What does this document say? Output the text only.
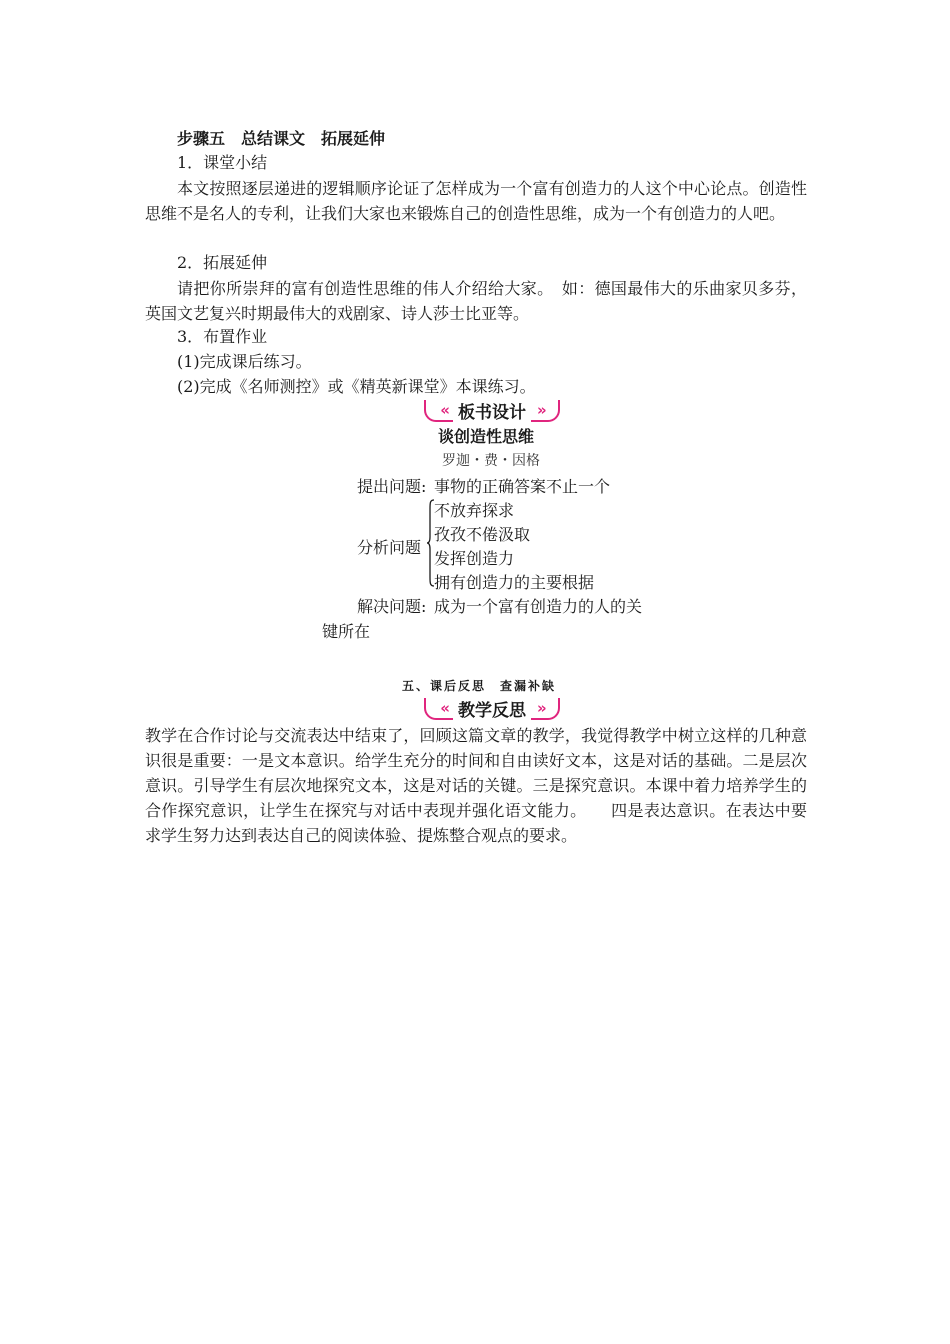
步骤五　总结课文　拓展延伸
1．课堂小结
本文按照逐层递进的逻辑顺序论证了怎样成为一个富有创造力的人这个中心论点。创造性思维不是名人的专利，让我们大家也来锻炼自己的创造性思维，成为一个有创造力的人吧。
2．拓展延伸
请把你所崇拜的富有创造性思维的伟人介绍给大家。　如：德国最伟大的乐曲家贝多芬，英国文艺复兴时期最伟大的戏剧家、诗人莎士比亚等。
3．布置作业
(1)完成课后练习。
(2)完成《名师测控》或《精英新课堂》本课练习。
« 板书设计 »
谈创造性思维
罗迦・费・因格
提出问题: 事物的正确答案不止一个
分析问题
不放弃探求
孜孜不倦汲取
发挥创造力
拥有创造力的主要根据
解决问题: 成为一个富有创造力的人的关
键所在
五、课后反思　查漏补缺
« 教学反思 »
教学在合作讨论与交流表达中结束了，回顾这篇文章的教学，我觉得教学中树立这样的几种意识很是重要：一是文本意识。给学生充分的时间和自由读好文本，这是对话的基础。二是层次意识。引导学生有层次地探究文本，这是对话的关键。三是探究意识。本课中着力培养学生的合作探究意识，让学生在探究与对话中表现并强化语文能力。　　四是表达意识。在表达中要求学生努力达到表达自己的阅读体验、提炼整合观点的要求。
